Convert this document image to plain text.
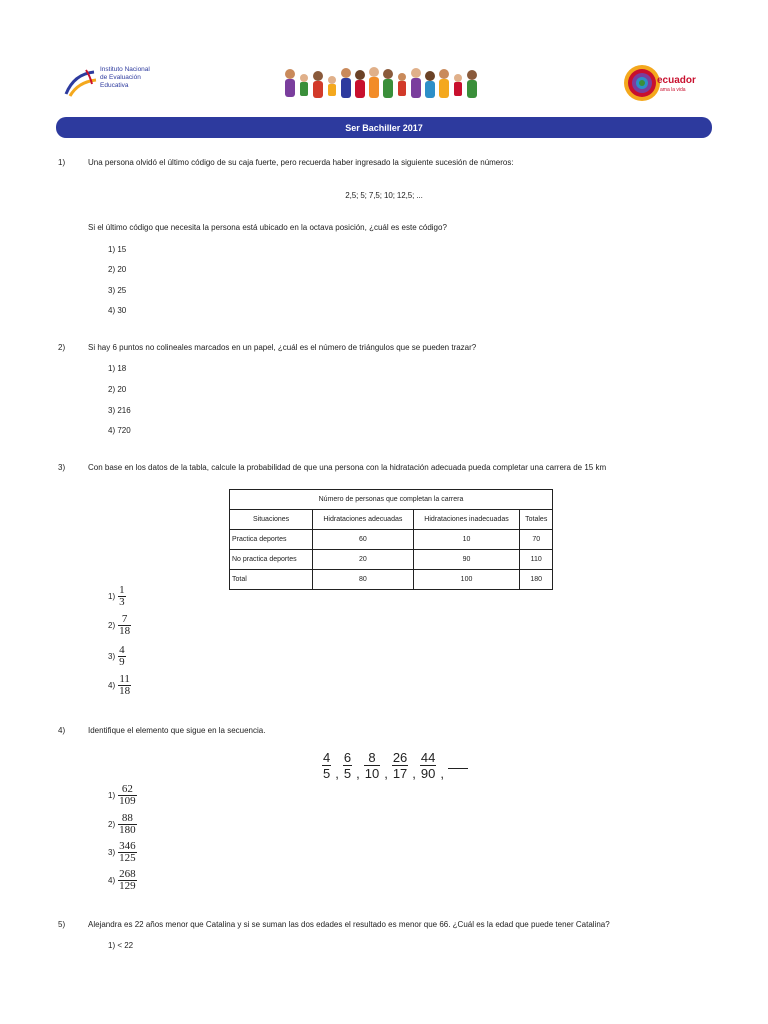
Instituto Nacional
de Evaluación
Educativa	ecuador
ama la vida
Ser Bachiller 2017
1)	Una persona olvidó el último código de su caja fuerte, pero recuerda haber ingresado la siguiente sucesión de números:
2,5; 5; 7,5; 10; 12,5; ...
Si el último código que necesita la persona está ubicado en la octava posición, ¿cuál es este código?
1) 15
2) 20
3) 25
4) 30
2)	Si hay 6 puntos no colineales marcados en un papel, ¿cuál es el número de triángulos que se pueden trazar?
1) 18
2) 20
3) 216
4) 720
3)	Con base en los datos de la tabla, calcule la probabilidad de que una persona con la hidratación adecuada pueda completar una carrera de 15 km
Número de personas que completan la carrera			
Situaciones	Hidrataciones adecuadas	Hidrataciones inadecuadas	Totales
Practica deportes	60	10	70
No practica deportes	20	90	110
Total	80	100	180
$1) \frac{1}{3}$
$2) \frac{7}{18}$
$3) \frac{4}{9}$
$4) \frac{11}{18}$
4)	Identifique el elemento que sigue en la secuencia.
$\frac{4}{5}$ , $\frac{6}{5}$ , $\frac{8}{10}$ , $\frac{26}{17}$ , $\frac{44}{90}$ ,
$1) \frac{62}{109}$
$2) \frac{88}{180}$
$3) \frac{346}{125}$
$4) \frac{268}{129}$
5)	Alejandra es 22 años menor que Catalina y si se suman las dos edades el resultado es menor que 66. ¿Cuál es la edad que puede tener Catalina?
1) < 22
